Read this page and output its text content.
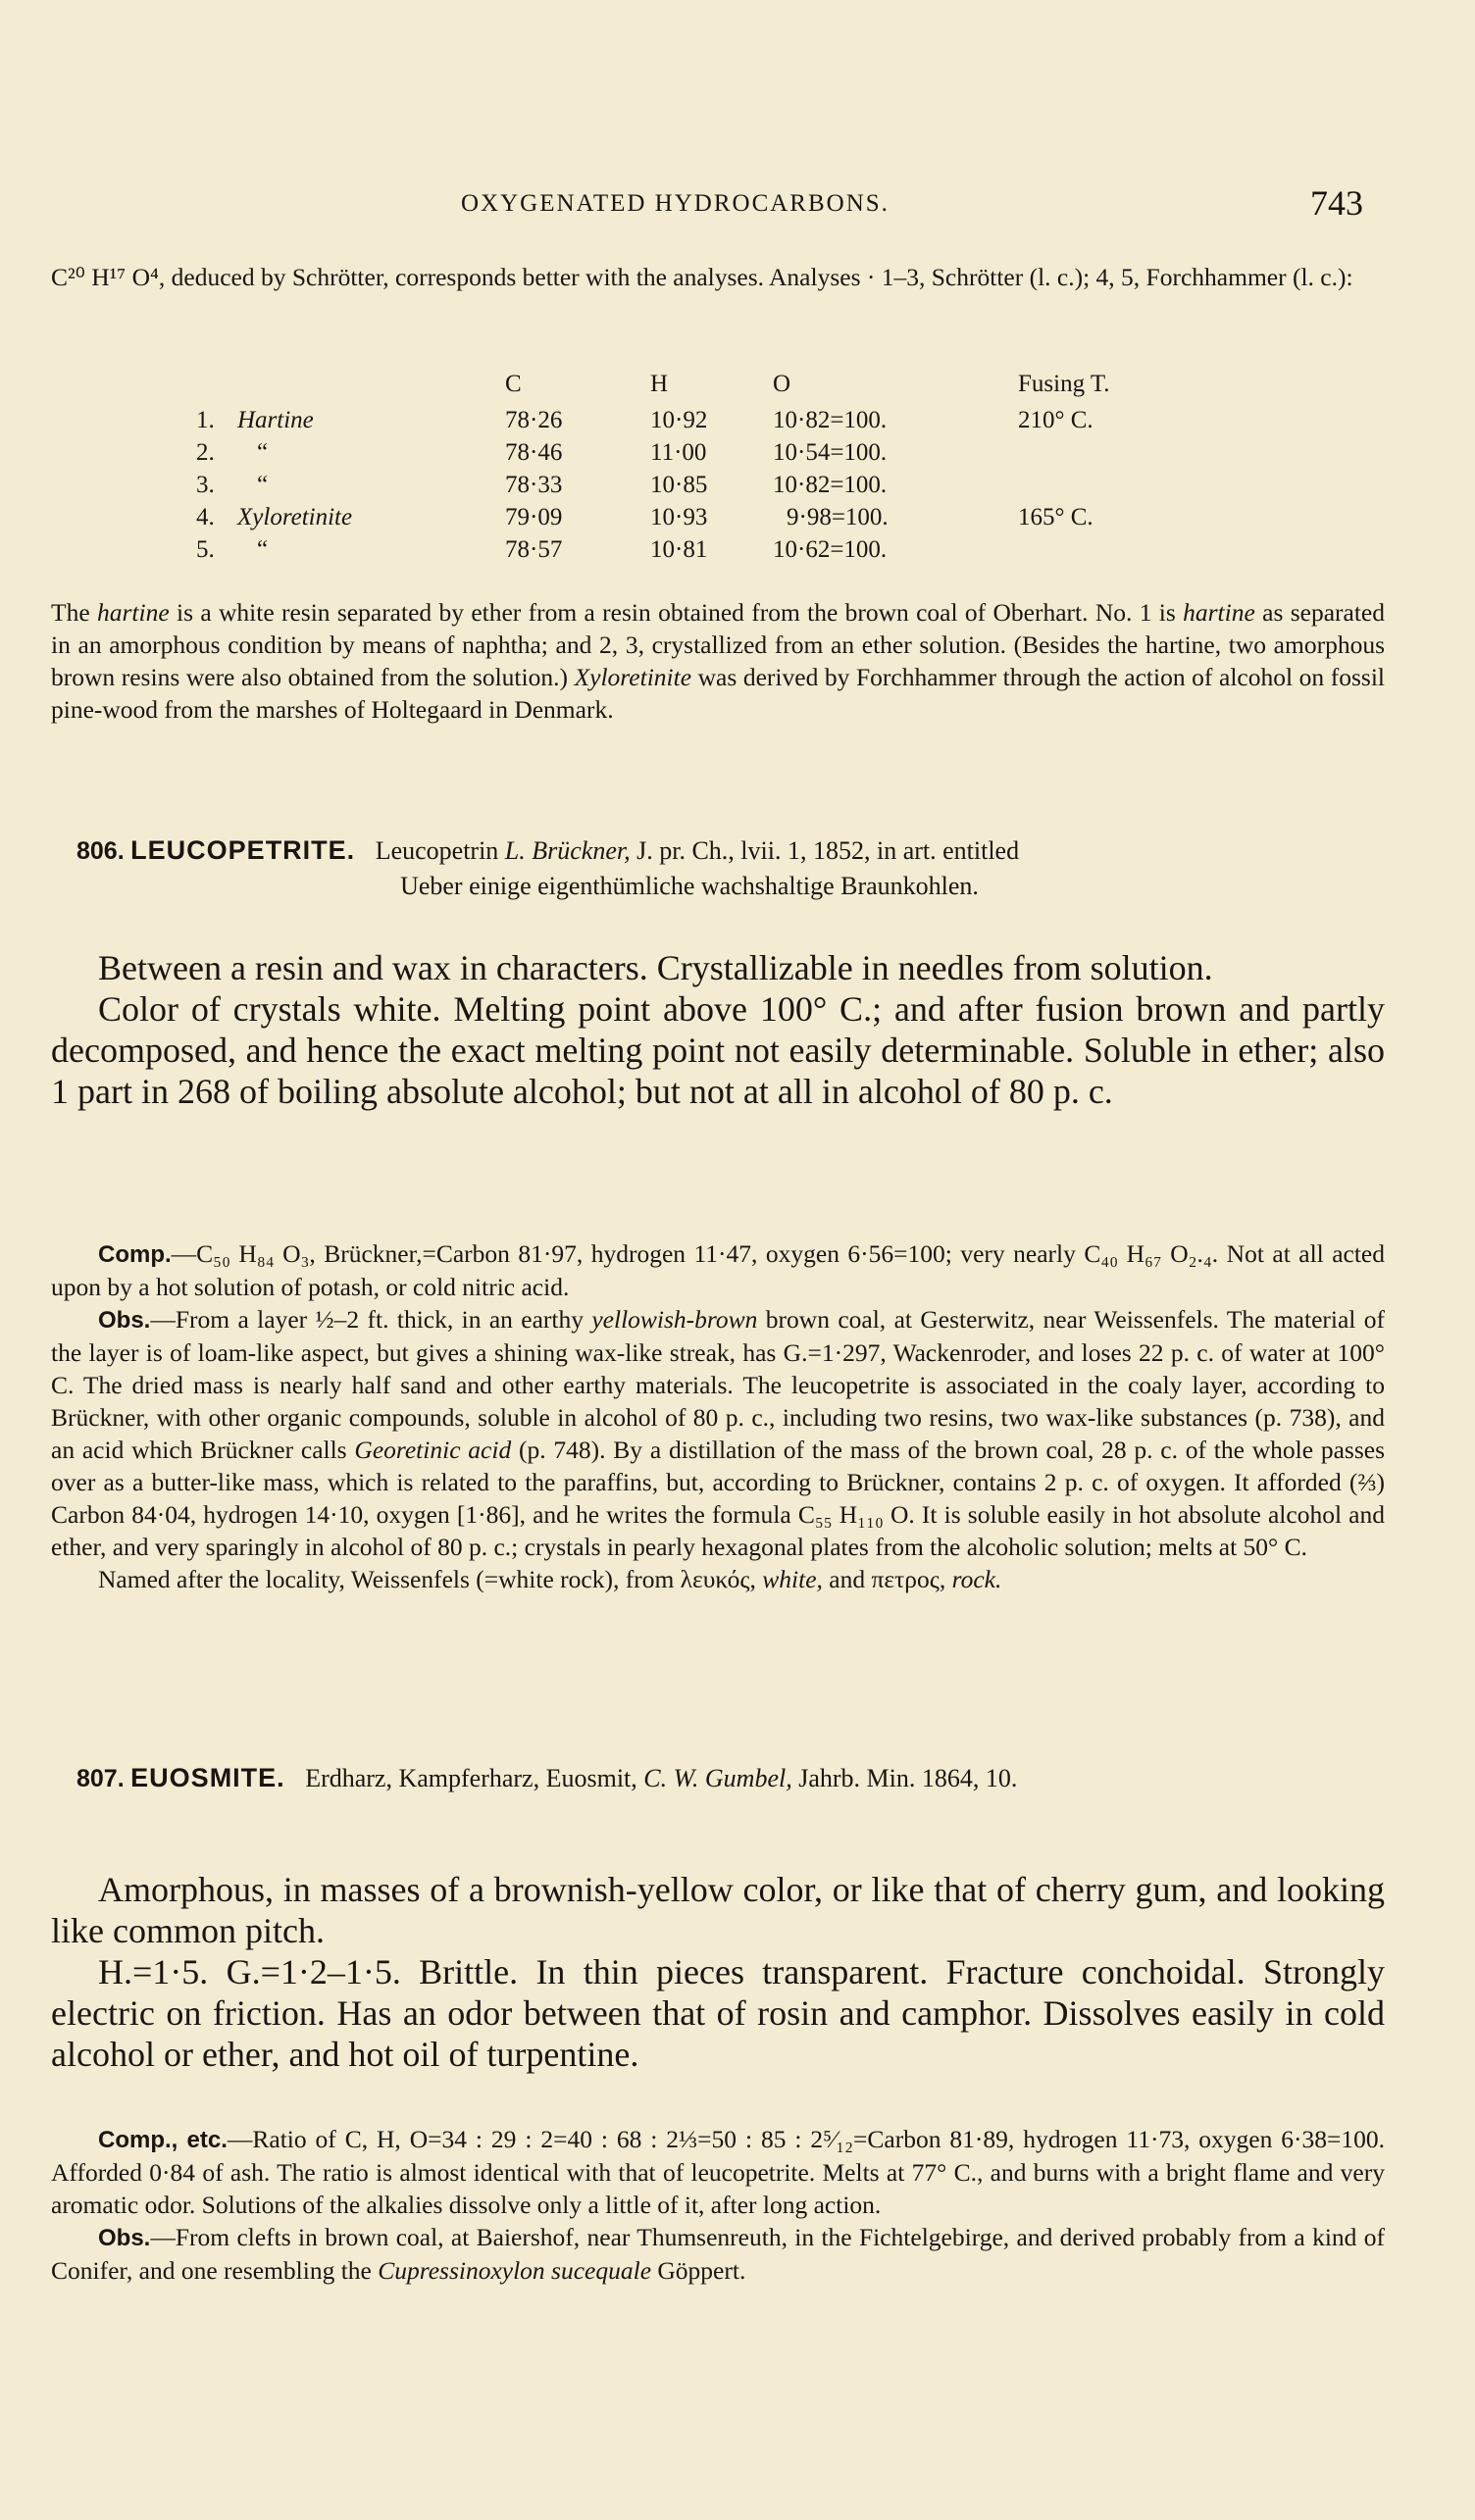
OXYGENATED HYDROCARBONS.	743
C²⁰ H¹⁷ O⁴, deduced by Schrötter, corresponds better with the analyses. Analyses · 1–3, Schrötter (l. c.); 4, 5, Forchhammer (l. c.):
	C	H	O	Fusing T.
1. Hartine	78·26	10·92	10·82=100.	210° C.
2. “	78·46	11·00	10·54=100.	
3. “	78·33	10·85	10·82=100.	
4. Xyloretinite	79·09	10·93	9·98=100.	165° C.
5. “	78·57	10·81	10·62=100.	
The hartine is a white resin separated by ether from a resin obtained from the brown coal of Oberhart. No. 1 is hartine as separated in an amorphous condition by means of naphtha; and 2, 3, crystallized from an ether solution. (Besides the hartine, two amorphous brown resins were also obtained from the solution.) Xyloretinite was derived by Forchhammer through the action of alcohol on fossil pine-wood from the marshes of Holtegaard in Denmark.
806. LEUCOPETRITE. Leucopetrin L. Brückner, J. pr. Ch., lvii. 1, 1852, in art. entitled
Ueber einige eigenthümliche wachshaltige Braunkohlen.

Between a resin and wax in characters. Crystallizable in needles from solution.

Color of crystals white. Melting point above 100° C.; and after fusion brown and partly decomposed, and hence the exact melting point not easily determinable. Soluble in ether; also 1 part in 268 of boiling absolute alcohol; but not at all in alcohol of 80 p. c.

Comp.—C₅₀ H₈₄ O₃, Brückner,=Carbon 81·97, hydrogen 11·47, oxygen 6·56=100; very nearly C₄₀ H₆₇ O₂.₄. Not at all acted upon by a hot solution of potash, or cold nitric acid.

Obs.—From a layer ½–2 ft. thick, in an earthy yellowish-brown brown coal, at Gesterwitz, near Weissenfels. The material of the layer is of loam-like aspect, but gives a shining wax-like streak, has G.=1·297, Wackenroder, and loses 22 p. c. of water at 100° C. The dried mass is nearly half sand and other earthy materials. The leucopetrite is associated in the coaly layer, according to Brückner, with other organic compounds, soluble in alcohol of 80 p. c., including two resins, two wax-like substances (p. 738), and an acid which Brückner calls Georetinic acid (p. 748). By a distillation of the mass of the brown coal, 28 p. c. of the whole passes over as a butter-like mass, which is related to the paraffins, but, according to Brückner, contains 2 p. c. of oxygen. It afforded (⅔) Carbon 84·04, hydrogen 14·10, oxygen [1·86], and he writes the formula C₅₅ H₁₁₀ O. It is soluble easily in hot absolute alcohol and ether, and very sparingly in alcohol of 80 p. c.; crystals in pearly hexagonal plates from the alcoholic solution; melts at 50° C.

Named after the locality, Weissenfels (=white rock), from λευκός, white, and πετρος, rock.

807. EUOSMITE. Erdharz, Kampferharz, Euosmit, C. W. Gumbel, Jahrb. Min. 1864, 10.

Amorphous, in masses of a brownish-yellow color, or like that of cherry gum, and looking like common pitch.

H.=1·5. G.=1·2–1·5. Brittle. In thin pieces transparent. Fracture conchoidal. Strongly electric on friction. Has an odor between that of rosin and camphor. Dissolves easily in cold alcohol or ether, and hot oil of turpentine.

Comp., etc.—Ratio of C, H, O=34 : 29 : 2=40 : 68 : 2⅓=50 : 85 : 2⁵⁄₁₂=Carbon 81·89, hydrogen 11·73, oxygen 6·38=100. Afforded 0·84 of ash. The ratio is almost identical with that of leucopetrite. Melts at 77° C., and burns with a bright flame and very aromatic odor. Solutions of the alkalies dissolve only a little of it, after long action.

Obs.—From clefts in brown coal, at Baiershof, near Thumsenreuth, in the Fichtelgebirge, and derived probably from a kind of Conifer, and one resembling the Cupressinoxylon sucequale Göppert.
